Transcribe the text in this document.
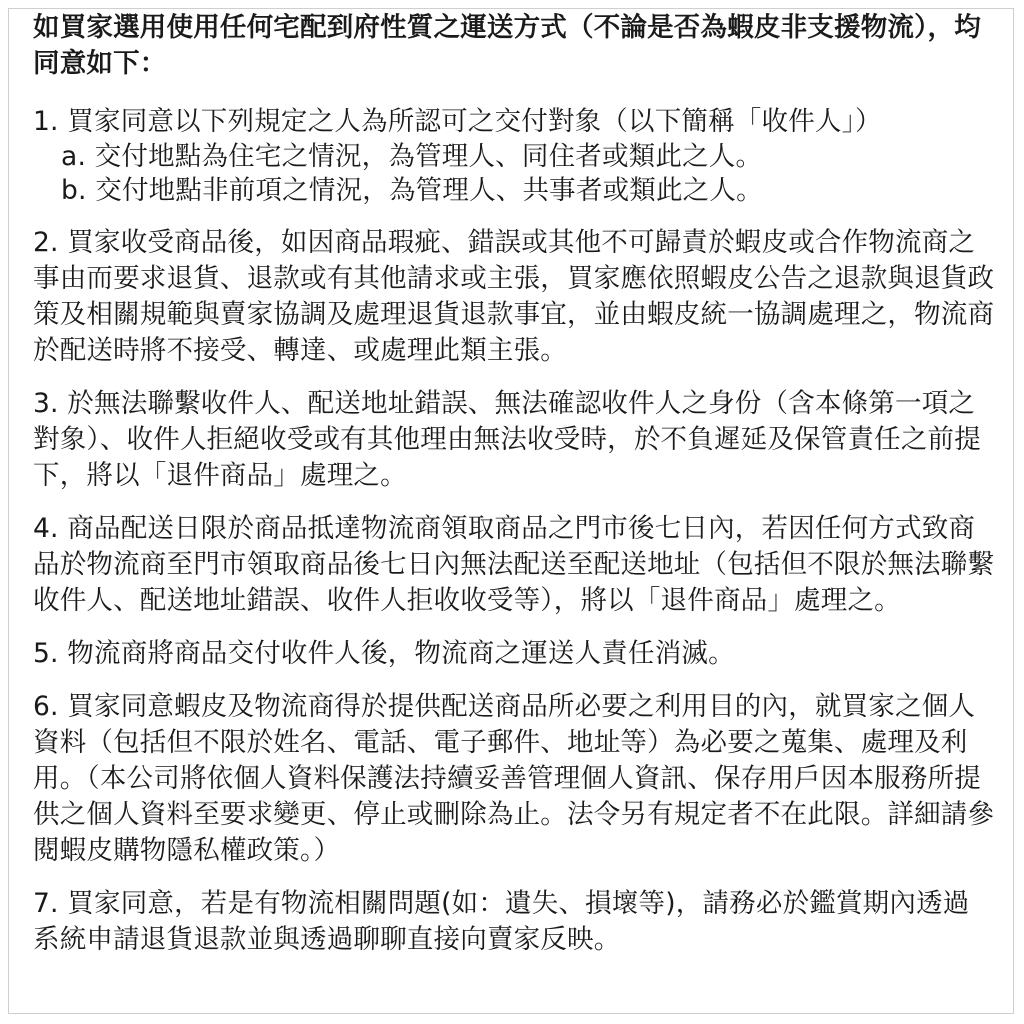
如買家選用使用任何宅配到府性質之運送方式（不論是否為蝦皮非支援物流），均同意如下：

1. 買家同意以下列規定之人為所認可之交付對象（以下簡稱「收件人」）

a. 交付地點為住宅之情況，為管理人、同住者或類此之人。

b. 交付地點非前項之情況，為管理人、共事者或類此之人。

2. 買家收受商品後，如因商品瑕疵、錯誤或其他不可歸責於蝦皮或合作物流商之事由而要求退貨、退款或有其他請求或主張，買家應依照蝦皮公告之退款與退貨政策及相關規範與賣家協調及處理退貨退款事宜，並由蝦皮統一協調處理之，物流商於配送時將不接受、轉達、或處理此類主張。

3. 於無法聯繫收件人、配送地址錯誤、無法確認收件人之身份（含本條第一項之對象）、收件人拒絕收受或有其他理由無法收受時，於不負遲延及保管責任之前提下，將以「退件商品」處理之。

4. 商品配送日限於商品抵達物流商領取商品之門市後七日內，若因任何方式致商品於物流商至門市領取商品後七日內無法配送至配送地址（包括但不限於無法聯繫收件人、配送地址錯誤、收件人拒收收受等），將以「退件商品」處理之。

5. 物流商將商品交付收件人後，物流商之運送人責任消滅。

6. 買家同意蝦皮及物流商得於提供配送商品所必要之利用目的內，就買家之個人資料（包括但不限於姓名、電話、電子郵件、地址等）為必要之蒐集、處理及利用。（本公司將依個人資料保護法持續妥善管理個人資訊、保存用戶因本服務所提供之個人資料至要求變更、停止或刪除為止。法令另有規定者不在此限。詳細請參閱蝦皮購物隱私權政策。）

7. 買家同意，若是有物流相關問題(如：遺失、損壞等)，請務必於鑑賞期內透過系統申請退貨退款並與透過聊聊直接向賣家反映。
